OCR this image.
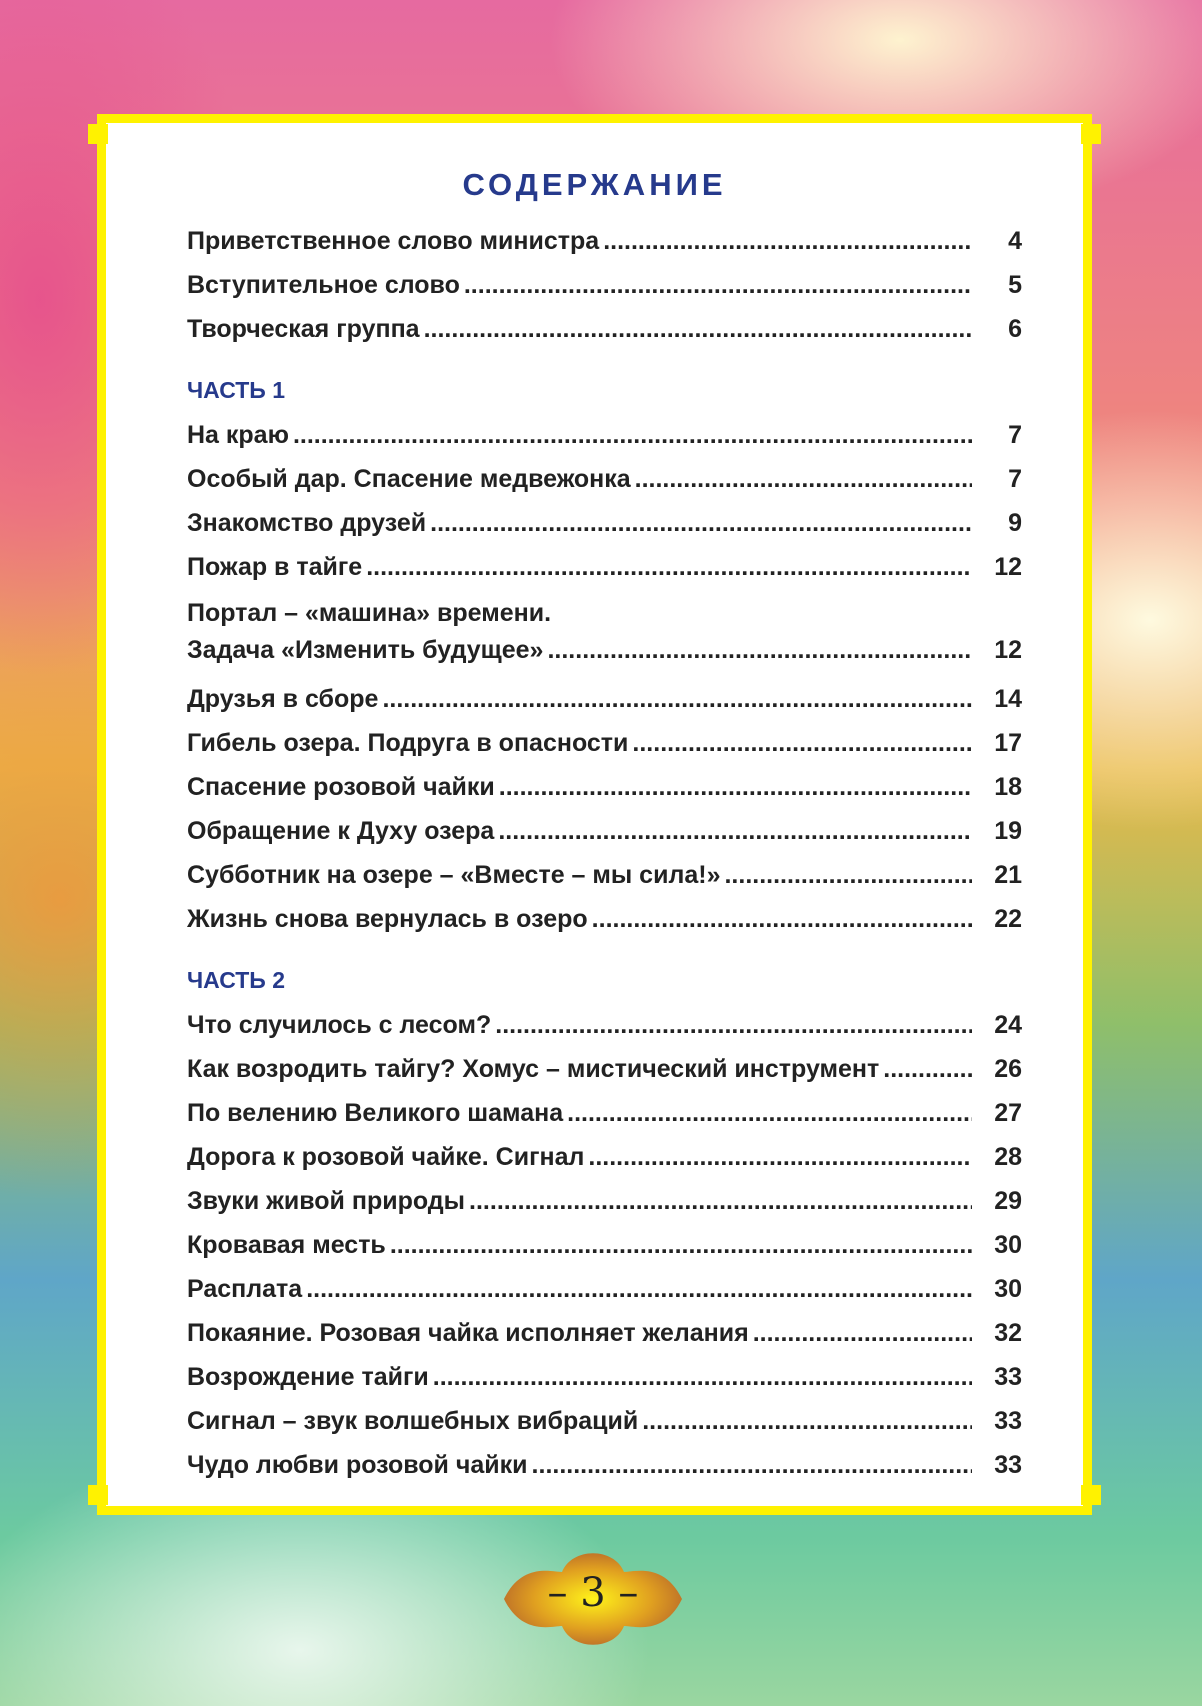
СОДЕРЖАНИЕ
Приветственное слово министра .....	4
Вступительное слово .....	5
Творческая группа .....	6
ЧАСТЬ 1
На краю .....	7
Особый дар. Спасение медвежонка .....	7
Знакомство друзей .....	9
Пожар в тайге .....	12
Портал – «машина» времени.
Задача «Изменить будущее» .....	12
Друзья в сборе .....	14
Гибель озера. Подруга в опасности .....	17
Спасение розовой чайки .....	18
Обращение к Духу озера .....	19
Субботник на озере – «Вместе – мы сила!» .....	21
Жизнь снова вернулась в озеро .....	22
ЧАСТЬ 2
Что случилось с лесом? .....	24
Как возродить тайгу? Хомус – мистический инструмент .....	26
По велению Великого шамана .....	27
Дорога к розовой чайке. Сигнал .....	28
Звуки живой природы .....	29
Кровавая месть .....	30
Расплата .....	30
Покаяние. Розовая чайка исполняет желания .....	32
Возрождение тайги .....	33
Сигнал – звук волшебных вибраций .....	33
Чудо любви розовой чайки .....	33
– 3 –
